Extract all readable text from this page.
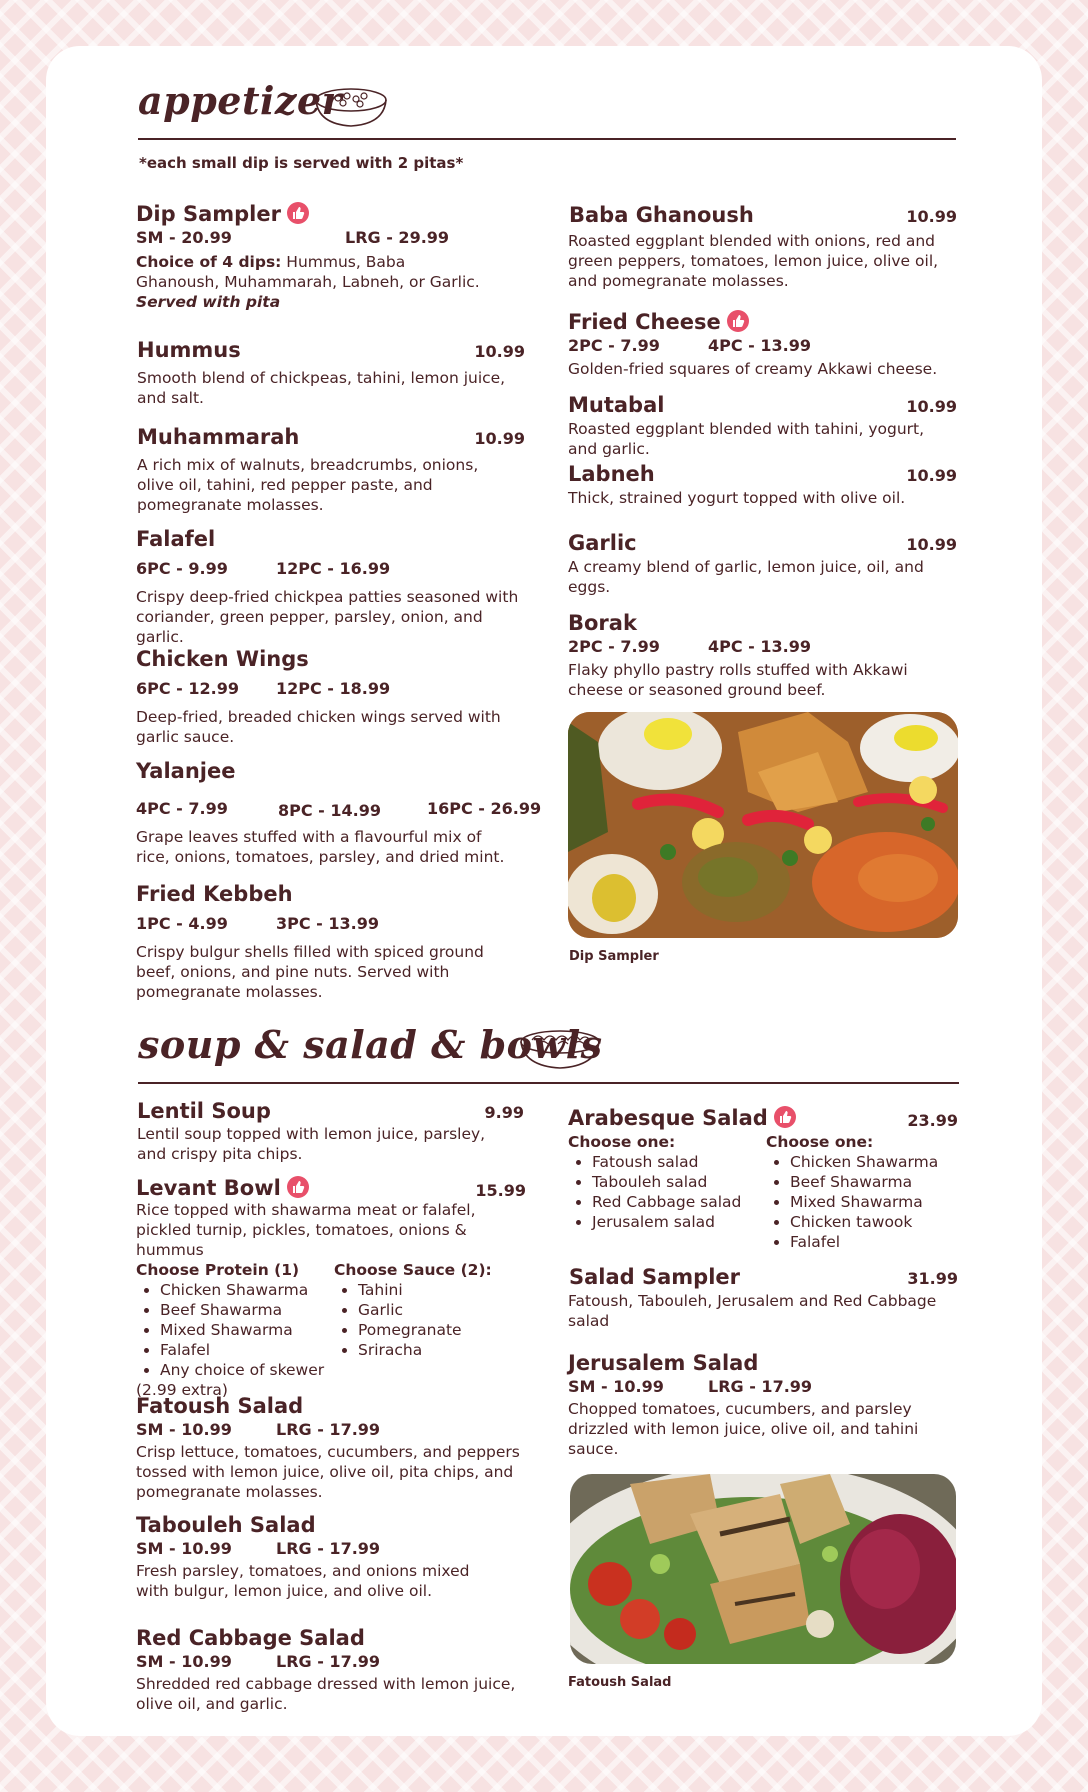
appetizer
*each small dip is served with 2 pitas*
Dip Sampler
SM - 20.99	LRG - 29.99
Choice of 4 dips: Hummus, Baba Ghanoush, Muhammarah, Labneh, or Garlic.
Served with pita
Hummus	10.99
Smooth blend of chickpeas, tahini, lemon juice, and salt.
Muhammarah	10.99
A rich mix of walnuts, breadcrumbs, onions, olive oil, tahini, red pepper paste, and pomegranate molasses.
Falafel
6PC - 9.99	12PC - 16.99
Crispy deep-fried chickpea patties seasoned with coriander, green pepper, parsley, onion, and garlic.
Chicken Wings
6PC - 12.99 12PC - 18.99
Deep-fried, breaded chicken wings served with garlic sauce.
Yalanjee
4PC - 7.99	8PC - 14.99	16PC - 26.99
Grape leaves stuffed with a flavourful mix of rice, onions, tomatoes, parsley, and dried mint.
Fried Kebbeh
1PC - 4.99	3PC - 13.99
Crispy bulgur shells filled with spiced ground beef, onions, and pine nuts. Served with pomegranate molasses.
Baba Ghanoush	10.99
Roasted eggplant blended with onions, red and green peppers, tomatoes, lemon juice, olive oil, and pomegranate molasses.
Fried Cheese
2PC - 7.99	4PC - 13.99
Golden-fried squares of creamy Akkawi cheese.
Mutabal	10.99
Roasted eggplant blended with tahini, yogurt, and garlic.
Labneh	10.99
Thick, strained yogurt topped with olive oil.
Garlic	10.99
A creamy blend of garlic, lemon juice, oil, and eggs.
Borak
2PC - 7.99	4PC - 13.99
Flaky phyllo pastry rolls stuffed with Akkawi cheese or seasoned ground beef.
Dip Sampler
soup & salad & bowls
Lentil Soup	9.99
Lentil soup topped with lemon juice, parsley, and crispy pita chips.
Levant Bowl	15.99
Rice topped with shawarma meat or falafel, pickled turnip, pickles, tomatoes, onions & hummus
Choose Protein (1)
• Chicken Shawarma
• Beef Shawarma
• Mixed Shawarma
• Falafel
• Any choice of skewer
(2.99 extra)
Choose Sauce (2):
• Tahini
• Garlic
• Pomegranate
• Sriracha
Fatoush Salad
SM - 10.99	LRG - 17.99
Crisp lettuce, tomatoes, cucumbers, and peppers tossed with lemon juice, olive oil, pita chips, and pomegranate molasses.
Tabouleh Salad
SM - 10.99	LRG - 17.99
Fresh parsley, tomatoes, and onions mixed with bulgur, lemon juice, and olive oil.
Red Cabbage Salad
SM - 10.99	LRG - 17.99
Shredded red cabbage dressed with lemon juice, olive oil, and garlic.
Arabesque Salad	23.99
Choose one:
• Fatoush salad
• Tabouleh salad
• Red Cabbage salad
• Jerusalem salad
Choose one:
• Chicken Shawarma
• Beef Shawarma
• Mixed Shawarma
• Chicken tawook
• Falafel
Salad Sampler	31.99
Fatoush, Tabouleh, Jerusalem and Red Cabbage salad
Jerusalem Salad
SM - 10.99	LRG - 17.99
Chopped tomatoes, cucumbers, and parsley drizzled with lemon juice, olive oil, and tahini sauce.
Fatoush Salad
